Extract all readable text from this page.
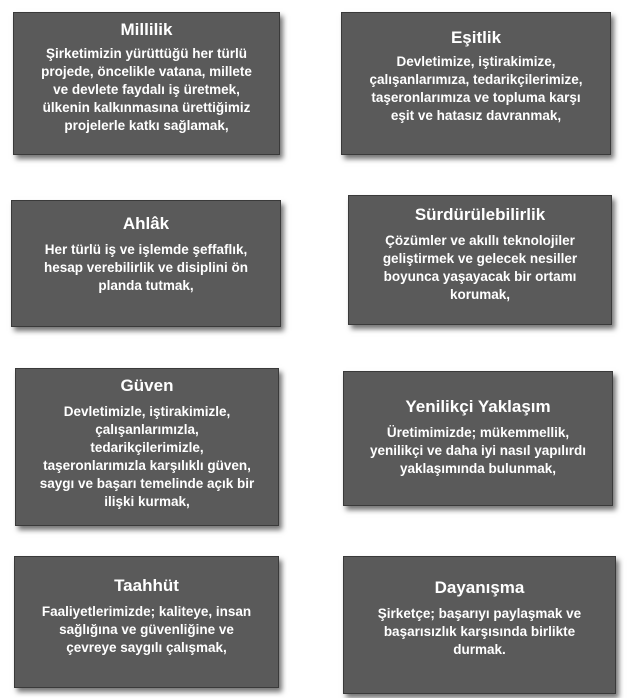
Millilik
Şirketimizin yürüttüğü her türlü
projede, öncelikle vatana, millete
ve devlete faydalı iş üretmek,
ülkenin kalkınmasına ürettiğimiz
projelerle katkı sağlamak,
Eşitlik
Devletimize, iştirakimize,
çalışanlarımıza, tedarikçilerimize,
taşeronlarımıza ve topluma karşı
eşit ve hatasız davranmak,
Ahlâk
Her türlü iş ve işlemde şeffaflık,
hesap verebilirlik ve disiplini ön
planda tutmak,
Sürdürülebilirlik
Çözümler ve akıllı teknolojiler
geliştirmek ve gelecek nesiller
boyunca yaşayacak bir ortamı
korumak,
Güven
Devletimizle, iştirakimizle,
çalışanlarımızla,
tedarikçilerimizle,
taşeronlarımızla karşılıklı güven,
saygı ve başarı temelinde açık bir
ilişki kurmak,
Yenilikçi Yaklaşım
Üretimimizde; mükemmellik,
yenilikçi ve daha iyi nasıl yapılırdı
yaklaşımında bulunmak,
Taahhüt
Faaliyetlerimizde; kaliteye, insan
sağlığına ve güvenliğine ve
çevreye saygılı çalışmak,
Dayanışma
Şirketçe; başarıyı paylaşmak ve
başarısızlık karşısında birlikte
durmak.
